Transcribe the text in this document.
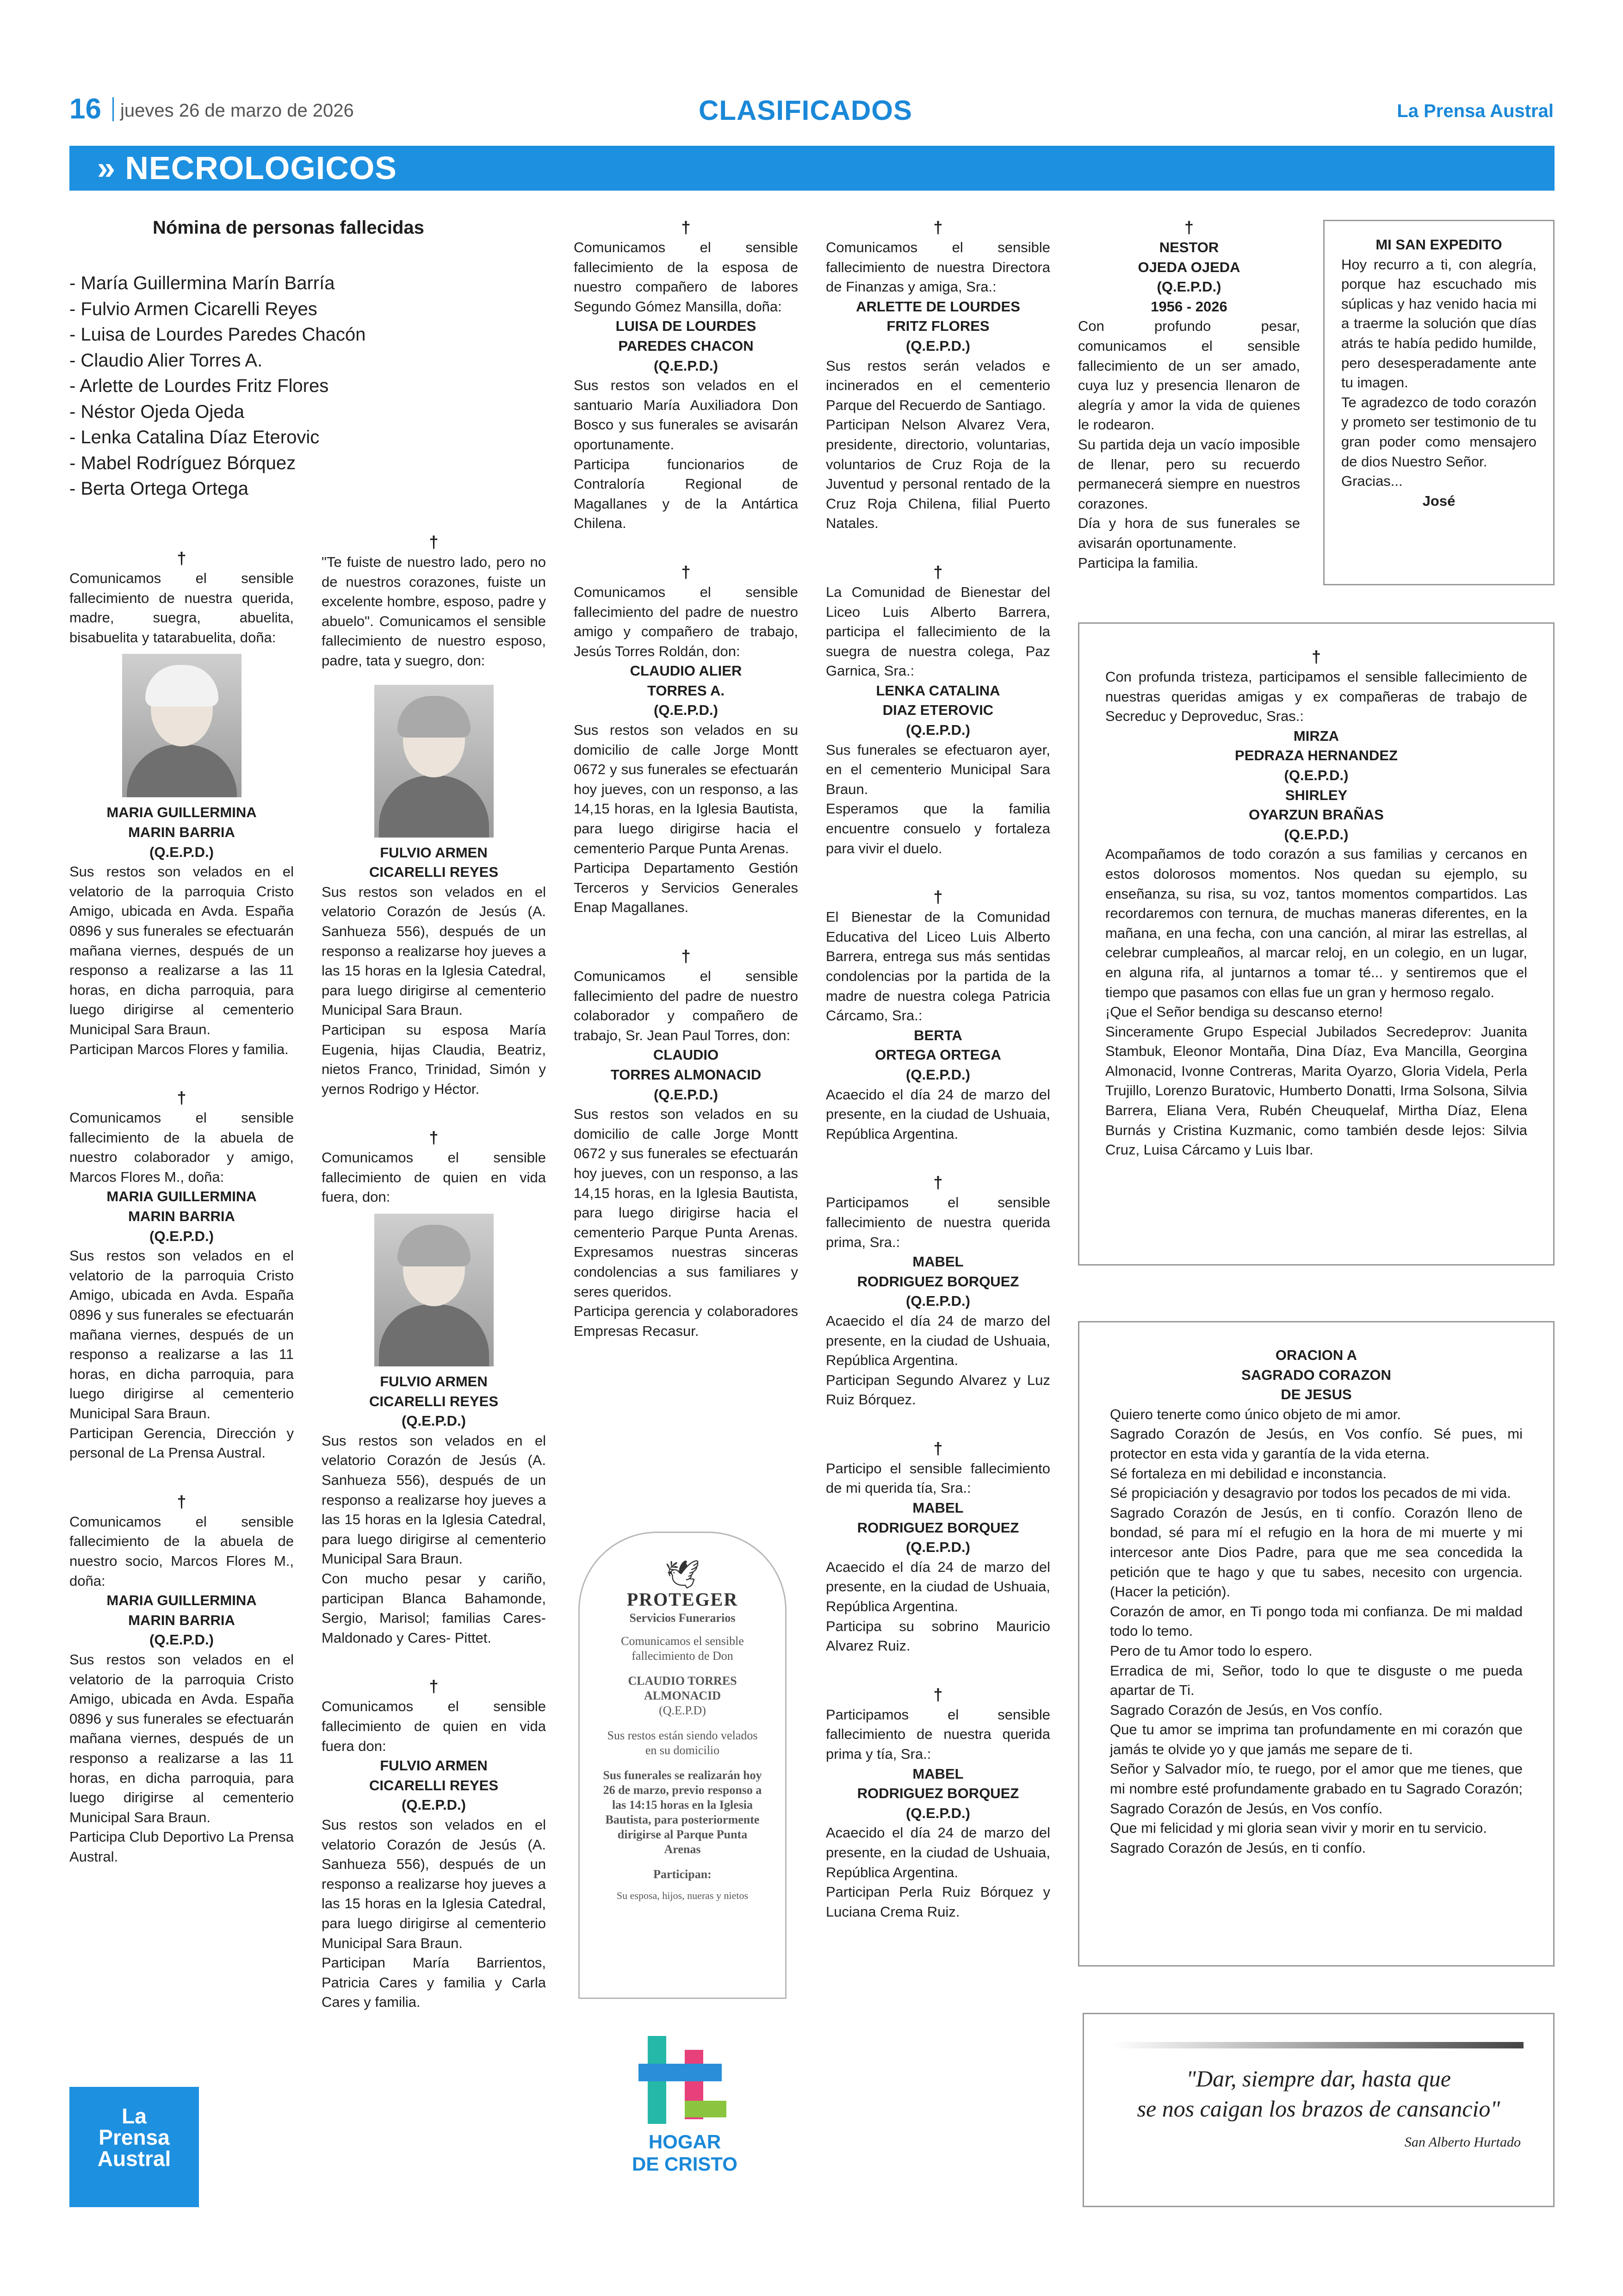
16 jueves 26 de marzo de 2026	CLASIFICADOS	La Prensa Austral
» NECROLOGICOS
Nómina de personas fallecidas
- María Guillermina Marín Barría
- Fulvio Armen Cicarelli Reyes
- Luisa de Lourdes Paredes Chacón
- Claudio Alier Torres A.
- Arlette de Lourdes Fritz Flores
- Néstor Ojeda Ojeda
- Lenka Catalina Díaz Eterovic
- Mabel Rodríguez Bórquez
- Berta Ortega Ortega
†

Comunicamos el sensible fallecimiento de nuestra querida, madre, suegra, abuelita, bisabuelita y tatarabuelita, doña:

MARIA GUILLERMINA
MARIN BARRIA
(Q.E.P.D.)

Sus restos son velados en el velatorio de la parroquia Cristo Amigo, ubicada en Avda. España 0896 y sus funerales se efectuarán mañana viernes, después de un responso a realizarse a las 11 horas, en dicha parroquia, para luego dirigirse al cementerio Municipal Sara Braun.

Participan Marcos Flores y familia.

†

Comunicamos el sensible fallecimiento de la abuela de nuestro colaborador y amigo, Marcos Flores M., doña:

MARIA GUILLERMINA
MARIN BARRIA
(Q.E.P.D.)

Sus restos son velados en el velatorio de la parroquia Cristo Amigo, ubicada en Avda. España 0896 y sus funerales se efectuarán mañana viernes, después de un responso a realizarse a las 11 horas, en dicha parroquia, para luego dirigirse al cementerio Municipal Sara Braun.

Participan Gerencia, Dirección y personal de La Prensa Austral.

†

Comunicamos el sensible fallecimiento de la abuela de nuestro socio, Marcos Flores M., doña:

MARIA GUILLERMINA
MARIN BARRIA
(Q.E.P.D.)

Sus restos son velados en el velatorio de la parroquia Cristo Amigo, ubicada en Avda. España 0896 y sus funerales se efectuarán mañana viernes, después de un responso a realizarse a las 11 horas, en dicha parroquia, para luego dirigirse al cementerio Municipal Sara Braun.

Participa Club Deportivo La Prensa Austral.

La
Prensa
Austral
†

"Te fuiste de nuestro lado, pero no de nuestros corazones, fuiste un excelente hombre, esposo, padre y abuelo". Comunicamos el sensible fallecimiento de nuestro esposo, padre, tata y suegro, don:

FULVIO ARMEN
CICARELLI REYES

Sus restos son velados en el velatorio Corazón de Jesús (A. Sanhueza 556), después de un responso a realizarse hoy jueves a las 15 horas en la Iglesia Catedral, para luego dirigirse al cementerio Municipal Sara Braun.

Participan su esposa María Eugenia, hijas Claudia, Beatriz, nietos Franco, Trinidad, Simón y yernos Rodrigo y Héctor.

†

Comunicamos el sensible fallecimiento de quien en vida fuera, don:

FULVIO ARMEN
CICARELLI REYES
(Q.E.P.D.)

Sus restos son velados en el velatorio Corazón de Jesús (A. Sanhueza 556), después de un responso a realizarse hoy jueves a las 15 horas en la Iglesia Catedral, para luego dirigirse al cementerio Municipal Sara Braun.

Con mucho pesar y cariño, participan Blanca Bahamonde, Sergio, Marisol; familias Cares- Maldonado y Cares- Pittet.

†

Comunicamos el sensible fallecimiento de quien en vida fuera don:

FULVIO ARMEN
CICARELLI REYES
(Q.E.P.D.)

Sus restos son velados en el velatorio Corazón de Jesús (A. Sanhueza 556), después de un responso a realizarse hoy jueves a las 15 horas en la Iglesia Catedral, para luego dirigirse al cementerio Municipal Sara Braun.

Participan María Barrientos, Patricia Cares y familia y Carla Cares y familia.

†

Comunicamos el sensible fallecimiento de la esposa de nuestro compañero de labores Segundo Gómez Mansilla, doña:

LUISA DE LOURDES
PAREDES CHACON
(Q.E.P.D.)

Sus restos son velados en el santuario María Auxiliadora Don Bosco y sus funerales se avisarán oportunamente.

Participa funcionarios de Contraloría Regional de Magallanes y de la Antártica Chilena.

†

Comunicamos el sensible fallecimiento del padre de nuestro amigo y compañero de trabajo, Jesús Torres Roldán, don:

CLAUDIO ALIER
TORRES A.
(Q.E.P.D.)

Sus restos son velados en su domicilio de calle Jorge Montt 0672 y sus funerales se efectuarán hoy jueves, con un responso, a las 14,15 horas, en la Iglesia Bautista, para luego dirigirse hacia el cementerio Parque Punta Arenas.

Participa Departamento Gestión Terceros y Servicios Generales Enap Magallanes.

†

Comunicamos el sensible fallecimiento del padre de nuestro colaborador y compañero de trabajo, Sr. Jean Paul Torres, don:

CLAUDIO
TORRES ALMONACID
(Q.E.P.D.)

Sus restos son velados en su domicilio de calle Jorge Montt 0672 y sus funerales se efectuarán hoy jueves, con un responso, a las 14,15 horas, en la Iglesia Bautista, para luego dirigirse hacia el cementerio Parque Punta Arenas. Expresamos nuestras sinceras condolencias a sus familiares y seres queridos.

Participa gerencia y colaboradores Empresas Recasur.

🕊
PROTEGER
Servicios Funerarios
Comunicamos el sensible fallecimiento de Don
CLAUDIO TORRES
ALMONACID
(Q.E.P.D)
Sus restos están siendo velados en su domicilio
Sus funerales se realizarán hoy 26 de marzo, previo responso a las 14:15 horas en la Iglesia Bautista, para posteriormente dirigirse al Parque Punta Arenas
Participan:
Su esposa, hijos, nueras y nietos
HOGAR
DE CRISTO
†

Comunicamos el sensible fallecimiento de nuestra Directora de Finanzas y amiga, Sra.:

ARLETTE DE LOURDES
FRITZ FLORES
(Q.E.P.D.)

Sus restos serán velados e incinerados en el cementerio Parque del Recuerdo de Santiago.

Participan Nelson Alvarez Vera, presidente, directorio, voluntarias, voluntarios de Cruz Roja de la Juventud y personal rentado de la Cruz Roja Chilena, filial Puerto Natales.

†

La Comunidad de Bienestar del Liceo Luis Alberto Barrera, participa el fallecimiento de la suegra de nuestra colega, Paz Garnica, Sra.:

LENKA CATALINA
DIAZ ETEROVIC
(Q.E.P.D.)

Sus funerales se efectuaron ayer, en el cementerio Municipal Sara Braun.

Esperamos que la familia encuentre consuelo y fortaleza para vivir el duelo.

†

El Bienestar de la Comunidad Educativa del Liceo Luis Alberto Barrera, entrega sus más sentidas condolencias por la partida de la madre de nuestra colega Patricia Cárcamo, Sra.:

BERTA
ORTEGA ORTEGA
(Q.E.P.D.)

Acaecido el día 24 de marzo del presente, en la ciudad de Ushuaia, República Argentina.

†

Participamos el sensible fallecimiento de nuestra querida prima, Sra.:

MABEL
RODRIGUEZ BORQUEZ
(Q.E.P.D.)

Acaecido el día 24 de marzo del presente, en la ciudad de Ushuaia, República Argentina.

Participan Segundo Alvarez y Luz Ruiz Bórquez.

†

Participo el sensible fallecimiento de mi querida tía, Sra.:

MABEL
RODRIGUEZ BORQUEZ
(Q.E.P.D.)

Acaecido el día 24 de marzo del presente, en la ciudad de Ushuaia, República Argentina.

Participa su sobrino Mauricio Alvarez Ruiz.

†

Participamos el sensible fallecimiento de nuestra querida prima y tía, Sra.:

MABEL
RODRIGUEZ BORQUEZ
(Q.E.P.D.)

Acaecido el día 24 de marzo del presente, en la ciudad de Ushuaia, República Argentina.

Participan Perla Ruiz Bórquez y Luciana Crema Ruiz.

†
NESTOR
OJEDA OJEDA
(Q.E.P.D.)
1956 - 2026

Con profundo pesar, comunicamos el sensible fallecimiento de un ser amado, cuya luz y presencia llenaron de alegría y amor la vida de quienes le rodearon.

Su partida deja un vacío imposible de llenar, pero su recuerdo permanecerá siempre en nuestros corazones.

Día y hora de sus funerales se avisarán oportunamente.

Participa la familia.

MI SAN EXPEDITO

Hoy recurro a ti, con alegría, porque haz escuchado mis súplicas y haz venido hacia mi a traerme la solución que días atrás te había pedido humilde, pero desesperadamente ante tu imagen.

Te agradezco de todo corazón y prometo ser testimonio de tu gran poder como mensajero de dios Nuestro Señor.

Gracias...

José
†

Con profunda tristeza, participamos el sensible fallecimiento de nuestras queridas amigas y ex compañeras de trabajo de Secreduc y Deproveduc, Sras.:

MIRZA
PEDRAZA HERNANDEZ
(Q.E.P.D.)
SHIRLEY
OYARZUN BRAÑAS
(Q.E.P.D.)

Acompañamos de todo corazón a sus familias y cercanos en estos dolorosos momentos. Nos quedan su ejemplo, su enseñanza, su risa, su voz, tantos momentos compartidos. Las recordaremos con ternura, de muchas maneras diferentes, en la mañana, en una fecha, con una canción, al mirar las estrellas, al celebrar cumpleaños, al marcar reloj, en un colegio, en un lugar, en alguna rifa, al juntarnos a tomar té... y sentiremos que el tiempo que pasamos con ellas fue un gran y hermoso regalo.

¡Que el Señor bendiga su descanso eterno!

Sinceramente Grupo Especial Jubilados Secredeprov: Juanita Stambuk, Eleonor Montaña, Dina Díaz, Eva Mancilla, Georgina Almonacid, Ivonne Contreras, Marita Oyarzo, Gloria Videla, Perla Trujillo, Lorenzo Buratovic, Humberto Donatti, Irma Solsona, Silvia Barrera, Eliana Vera, Rubén Cheuquelaf, Mirtha Díaz, Elena Burnás y Cristina Kuzmanic, como también desde lejos: Silvia Cruz, Luisa Cárcamo y Luis Ibar.

ORACION A
SAGRADO CORAZON
DE JESUS

Quiero tenerte como único objeto de mi amor.

Sagrado Corazón de Jesús, en Vos confío. Sé pues, mi protector en esta vida y garantía de la vida eterna.

Sé fortaleza en mi debilidad e inconstancia.

Sé propiciación y desagravio por todos los pecados de mi vida.

Sagrado Corazón de Jesús, en ti confío. Corazón lleno de bondad, sé para mí el refugio en la hora de mi muerte y mi intercesor ante Dios Padre, para que me sea concedida la petición que te hago y que tu sabes, necesito con urgencia. (Hacer la petición).

Corazón de amor, en Ti pongo toda mi confianza. De mi maldad todo lo temo.

Pero de tu Amor todo lo espero.

Erradica de mi, Señor, todo lo que te disguste o me pueda apartar de Ti.

Sagrado Corazón de Jesús, en Vos confío.

Que tu amor se imprima tan profundamente en mi corazón que jamás te olvide yo y que jamás me separe de ti.

Señor y Salvador mío, te ruego, por el amor que me tienes, que mi nombre esté profundamente grabado en tu Sagrado Corazón; Sagrado Corazón de Jesús, en Vos confío.

Que mi felicidad y mi gloria sean vivir y morir en tu servicio.

Sagrado Corazón de Jesús, en ti confío.

"Dar, siempre dar, hasta que
se nos caigan los brazos de cansancio"
San Alberto Hurtado
